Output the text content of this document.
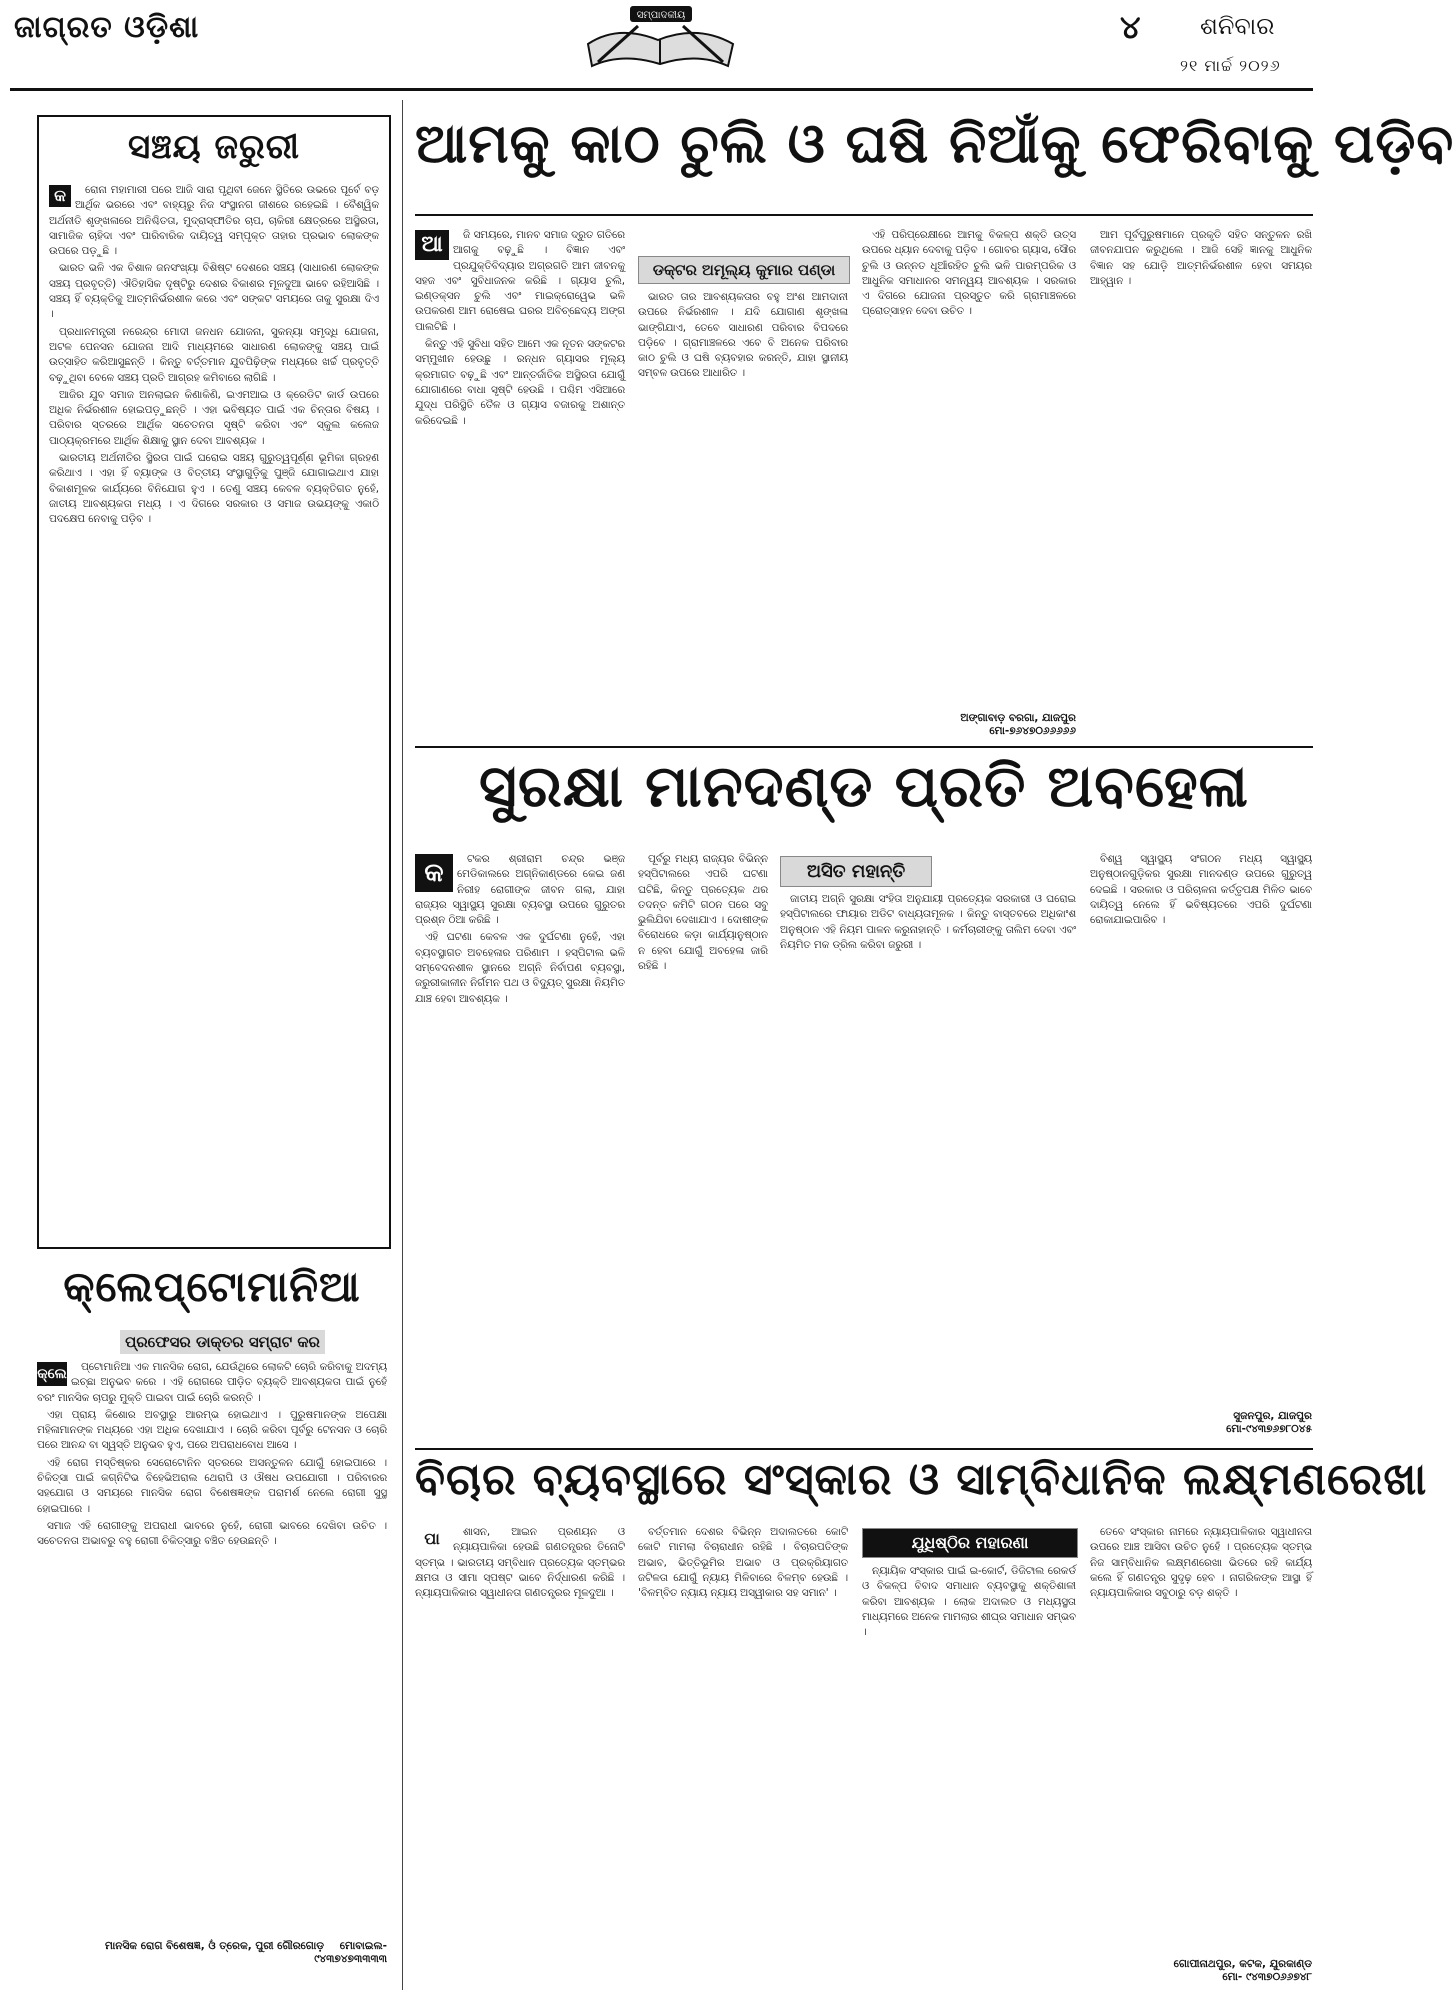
ଜାଗ୍ରତ ଓଡ଼ିଶା	ସମ୍ପାଦକୀୟ	୪ ଶନିବାର
୨୧ ମାର୍ଚ୍ଚ ୨୦୨୬
ସଞ୍ଚୟ ଜରୁରୀ
କ	ରୋନା ମହାମାରୀ ପରେ ଆଜି ସାରା ପୃଥିବୀ ଜେନେ ସ୍ଥିତିରେ ଉଭରେ ପୂର୍ବେ ବଡ଼ ଆର୍ଥିକ ଭରରେ ଏବଂ ବାହ୍ୟରୁ ନିଜ ସଂସ୍ଥାନଗ ଜୀଶରେ ରହେଇଛି । ବୈଶ୍ୱିକ ଅର୍ଥନୀତି ଶୃଙ୍ଖଳାରେ ଅନିଶ୍ଚିତତା, ମୁଦ୍ରାସ୍ଫୀତିର ଚାପ, ଚାକିରୀ କ୍ଷେତ୍ରରେ ଅସ୍ଥିରତା, ସାମାଜିକ ଚାହିଦା ଏବଂ ପାରିବାରିକ ଦାୟିତ୍ୱ ସମ୍ପୃକ୍ତ ତାହାର ପ୍ରଭାବ ଲୋକଙ୍କ ଉପରେ ପଡ଼ୁଛି ।

ଭାରତ ଭଳି ଏକ ବିଶାଳ ଜନସଂଖ୍ୟା ବିଶିଷ୍ଟ ଦେଶରେ ସଞ୍ଚୟ (ସାଧାରଣ ଲୋକଙ୍କ ସଞ୍ଚୟ ପ୍ରବୃତ୍ତି) ଐତିହାସିକ ଦୃଷ୍ଟିରୁ ଦେଶର ବିକାଶର ମୂଳଦୁଆ ଭାବେ ରହିଆସିଛି । ସଞ୍ଚୟ ହିଁ ବ୍ୟକ୍ତିକୁ ଆତ୍ମନିର୍ଭରଶୀଳ କରେ ଏବଂ ସଙ୍କଟ ସମୟରେ ତାକୁ ସୁରକ୍ଷା ଦିଏ ।

ପ୍ରଧାନମନ୍ତ୍ରୀ ନରେନ୍ଦ୍ର ମୋଦୀ ଜନଧନ ଯୋଜନା, ସୁକନ୍ୟା ସମୃଦ୍ଧି ଯୋଜନା, ଅଟଳ ପେନସନ ଯୋଜନା ଆଦି ମାଧ୍ୟମରେ ସାଧାରଣ ଲୋକଙ୍କୁ ସଞ୍ଚୟ ପାଇଁ ଉତ୍ସାହିତ କରିଆସୁଛନ୍ତି । କିନ୍ତୁ ବର୍ତ୍ତମାନ ଯୁବପିଢ଼ିଙ୍କ ମଧ୍ୟରେ ଖର୍ଚ୍ଚ ପ୍ରବୃତ୍ତି ବଢ଼ୁଥିବା ବେଳେ ସଞ୍ଚୟ ପ୍ରତି ଆଗ୍ରହ କମିବାରେ ଲାଗିଛି ।

ଆଜିର ଯୁବ ସମାଜ ଅନଲାଇନ କିଣାକିଣି, ଇଏମଆଇ ଓ କ୍ରେଡିଟ କାର୍ଡ ଉପରେ ଅଧିକ ନିର୍ଭରଶୀଳ ହୋଇପଡ଼ୁଛନ୍ତି । ଏହା ଭବିଷ୍ୟତ ପାଇଁ ଏକ ଚିନ୍ତାର ବିଷୟ । ପରିବାର ସ୍ତରରେ ଆର୍ଥିକ ସଚେତନତା ସୃଷ୍ଟି କରିବା ଏବଂ ସ୍କୁଲ କଲେଜ ପାଠ୍ୟକ୍ରମରେ ଆର୍ଥିକ ଶିକ୍ଷାକୁ ସ୍ଥାନ ଦେବା ଆବଶ୍ୟକ ।

ଭାରତୀୟ ଅର୍ଥନୀତିର ସ୍ଥିରତା ପାଇଁ ଘରୋଇ ସଞ୍ଚୟ ଗୁରୁତ୍ୱପୂର୍ଣ୍ଣ ଭୂମିକା ଗ୍ରହଣ କରିଥାଏ । ଏହା ହିଁ ବ୍ୟାଙ୍କ ଓ ବିତ୍ତୀୟ ସଂସ୍ଥାଗୁଡ଼ିକୁ ପୁଞ୍ଜି ଯୋଗାଇଥାଏ ଯାହା ବିକାଶମୂଳକ କାର୍ଯ୍ୟରେ ବିନିଯୋଗ ହୁଏ । ତେଣୁ ସଞ୍ଚୟ କେବଳ ବ୍ୟକ୍ତିଗତ ନୁହେଁ, ଜାତୀୟ ଆବଶ୍ୟକତା ମଧ୍ୟ । ଏ ଦିଗରେ ସରକାର ଓ ସମାଜ ଉଭୟଙ୍କୁ ଏକାଠି ପଦକ୍ଷେପ ନେବାକୁ ପଡ଼ିବ ।

କ୍ଲେପ୍ଟୋମାନିଆ
ପ୍ରଫେସର ଡାକ୍ତର ସମ୍ରାଟ କର
କ୍ଲେ	ପ୍ଟୋମାନିଆ ଏକ ମାନସିକ ରୋଗ, ଯେଉଁଥିରେ ଲୋକଟି ଚୋରି କରିବାକୁ ଅଦମ୍ୟ ଇଚ୍ଛା ଅନୁଭବ କରେ । ଏହି ରୋଗରେ ପୀଡ଼ିତ ବ୍ୟକ୍ତି ଆବଶ୍ୟକତା ପାଇଁ ନୁହେଁ ବରଂ ମାନସିକ ଚାପରୁ ମୁକ୍ତି ପାଇବା ପାଇଁ ଚୋରି କରନ୍ତି ।

ଏହା ପ୍ରାୟ କିଶୋର ଅବସ୍ଥାରୁ ଆରମ୍ଭ ହୋଇଥାଏ । ପୁରୁଷମାନଙ୍କ ଅପେକ୍ଷା ମହିଳାମାନଙ୍କ ମଧ୍ୟରେ ଏହା ଅଧିକ ଦେଖାଯାଏ । ଚୋରି କରିବା ପୂର୍ବରୁ ଟେନସନ ଓ ଚୋରି ପରେ ଆନନ୍ଦ ବା ସ୍ୱସ୍ତି ଅନୁଭବ ହୁଏ, ପରେ ଅପରାଧବୋଧ ଆସେ ।

ଏହି ରୋଗ ମସ୍ତିଷ୍କର ସେରୋଟୋନିନ ସ୍ତରରେ ଅସନ୍ତୁଳନ ଯୋଗୁଁ ହୋଇପାରେ । ଚିକିତ୍ସା ପାଇଁ କଗ୍ନିଟିଭ ବିହେଭିଅରାଲ ଥେରାପି ଓ ଔଷଧ ଉପଯୋଗୀ । ପରିବାରର ସହଯୋଗ ଓ ସମୟରେ ମାନସିକ ରୋଗ ବିଶେଷଜ୍ଞଙ୍କ ପରାମର୍ଶ ନେଲେ ରୋଗୀ ସୁସ୍ଥ ହୋଇପାରେ ।

ସମାଜ ଏହି ରୋଗୀଙ୍କୁ ଅପରାଧୀ ଭାବରେ ନୁହେଁ, ରୋଗୀ ଭାବରେ ଦେଖିବା ଉଚିତ । ସଚେତନତା ଅଭାବରୁ ବହୁ ରୋଗୀ ଚିକିତ୍ସାରୁ ବଞ୍ଚିତ ହେଉଛନ୍ତି ।

ମାନସିକ ରୋଗ ବିଶେଷଜ୍ଞ, ଓଁ ତ୍ରେକ, ପୁରୀ ଗୌରଗୋଡ଼ ମୋବାଇଲ- ୯୪୩୭୪୭୩୩୩୩
ଆମକୁ କାଠ ଚୁଲି ଓ ଘଷି ନିଆଁକୁ ଫେରିବାକୁ ପଡ଼ିବ
ଆ	ଜି ସମୟରେ, ମାନବ ସମାଜ ଦ୍ରୁତ ଗତିରେ ଆଗକୁ ବଢ଼ୁଛି । ବିଜ୍ଞାନ ଏବଂ ପ୍ରଯୁକ୍ତିବିଦ୍ୟାର ଅଗ୍ରଗତି ଆମ ଜୀବନକୁ ସହଜ ଏବଂ ସୁବିଧାଜନକ କରିଛି । ଗ୍ୟାସ ଚୁଲି, ଇଣ୍ଡକ୍ସନ ଚୁଲି ଏବଂ ମାଇକ୍ରୋୱେଭ ଭଳି ଉପକରଣ ଆମ ରୋଷେଇ ଘରର ଅବିଚ୍ଛେଦ୍ୟ ଅଙ୍ଗ ପାଲଟିଛି ।

କିନ୍ତୁ ଏହି ସୁବିଧା ସହିତ ଆମେ ଏକ ନୂତନ ସଙ୍କଟର ସମ୍ମୁଖୀନ ହେଉଛୁ । ରନ୍ଧନ ଗ୍ୟାସର ମୂଲ୍ୟ କ୍ରମାଗତ ବଢ଼ୁଛି ଏବଂ ଆନ୍ତର୍ଜାତିକ ଅସ୍ଥିରତା ଯୋଗୁଁ ଯୋଗାଣରେ ବାଧା ସୃଷ୍ଟି ହେଉଛି । ପଶ୍ଚିମ ଏସିଆରେ ଯୁଦ୍ଧ ପରିସ୍ଥିତି ତୈଳ ଓ ଗ୍ୟାସ ବଜାରକୁ ଅଶାନ୍ତ କରିଦେଇଛି ।

ଡକ୍ଟର ଅମୂଲ୍ୟ କୁମାର ପଣ୍ଡା

ଭାରତ ତାର ଆବଶ୍ୟକତାର ବହୁ ଅଂଶ ଆମଦାନୀ ଉପରେ ନିର୍ଭରଶୀଳ । ଯଦି ଯୋଗାଣ ଶୃଙ୍ଖଳା ଭାଙ୍ଗିଯାଏ, ତେବେ ସାଧାରଣ ପରିବାର ବିପଦରେ ପଡ଼ିବେ । ଗ୍ରାମାଞ୍ଚଳରେ ଏବେ ବି ଅନେକ ପରିବାର କାଠ ଚୁଲି ଓ ଘଷି ବ୍ୟବହାର କରନ୍ତି, ଯାହା ସ୍ଥାନୀୟ ସମ୍ବଳ ଉପରେ ଆଧାରିତ ।

ଏହି ପରିପ୍ରେକ୍ଷୀରେ ଆମକୁ ବିକଳ୍ପ ଶକ୍ତି ଉତ୍ସ ଉପରେ ଧ୍ୟାନ ଦେବାକୁ ପଡ଼ିବ । ଗୋବର ଗ୍ୟାସ, ସୌର ଚୁଲି ଓ ଉନ୍ନତ ଧୂଆଁରହିତ ଚୁଲି ଭଳି ପାରମ୍ପରିକ ଓ ଆଧୁନିକ ସମାଧାନର ସମନ୍ୱୟ ଆବଶ୍ୟକ । ସରକାର ଏ ଦିଗରେ ଯୋଜନା ପ୍ରସ୍ତୁତ କରି ଗ୍ରାମାଞ୍ଚଳରେ ପ୍ରୋତ୍ସାହନ ଦେବା ଉଚିତ ।

ଅଙ୍ଗାବାଡ଼ ବରଗା, ଯାଜପୁର
ମୋ-୭୬୪୭୦୬୬୬୬୬

ଆମ ପୂର୍ବପୁରୁଷମାନେ ପ୍ରକୃତି ସହିତ ସନ୍ତୁଳନ ରଖି ଜୀବନଯାପନ କରୁଥିଲେ । ଆଜି ସେହି ଜ୍ଞାନକୁ ଆଧୁନିକ ବିଜ୍ଞାନ ସହ ଯୋଡ଼ି ଆତ୍ମନିର୍ଭରଶୀଳ ହେବା ସମୟର ଆହ୍ୱାନ ।

ସୁରକ୍ଷା ମାନଦଣ୍ଡ ପ୍ରତି ଅବହେଳା
କ	ଟକର ଶ୍ରୀରାମ ଚନ୍ଦ୍ର ଭଞ୍ଜ ମେଡିକାଲରେ ଅଗ୍ନିକାଣ୍ଡରେ କେଇ ଜଣ ନିରୀହ ରୋଗୀଙ୍କ ଜୀବନ ଗଲା, ଯାହା ରାଜ୍ୟର ସ୍ୱାସ୍ଥ୍ୟ ସୁରକ୍ଷା ବ୍ୟବସ୍ଥା ଉପରେ ଗୁରୁତର ପ୍ରଶ୍ନ ଠିଆ କରିଛି ।

ଏହି ଘଟଣା କେବଳ ଏକ ଦୁର୍ଘଟଣା ନୁହେଁ, ଏହା ବ୍ୟବସ୍ଥାଗତ ଅବହେଳାର ପରିଣାମ । ହସ୍ପିଟାଲ ଭଳି ସମ୍ବେଦନଶୀଳ ସ୍ଥାନରେ ଅଗ୍ନି ନିର୍ବାପଣ ବ୍ୟବସ୍ଥା, ଜରୁରୀକାଳୀନ ନିର୍ଗମନ ପଥ ଓ ବିଦ୍ୟୁତ୍ ସୁରକ୍ଷା ନିୟମିତ ଯାଞ୍ଚ ହେବା ଆବଶ୍ୟକ ।

ଅସିତ ମହାନ୍ତି

ପୂର୍ବରୁ ମଧ୍ୟ ରାଜ୍ୟର ବିଭିନ୍ନ ହସ୍ପିଟାଲରେ ଏପରି ଘଟଣା ଘଟିଛି, କିନ୍ତୁ ପ୍ରତ୍ୟେକ ଥର ତଦନ୍ତ କମିଟି ଗଠନ ପରେ ସବୁ ଭୁଲିଯିବା ଦେଖାଯାଏ । ଦୋଷୀଙ୍କ ବିରୋଧରେ କଡ଼ା କାର୍ଯ୍ୟାନୁଷ୍ଠାନ ନ ହେବା ଯୋଗୁଁ ଅବହେଳା ଜାରି ରହିଛି ।

ଜାତୀୟ ଅଗ୍ନି ସୁରକ୍ଷା ସଂହିତା ଅନୁଯାୟୀ ପ୍ରତ୍ୟେକ ସରକାରୀ ଓ ଘରୋଇ ହସ୍ପିଟାଲରେ ଫାୟାର ଅଡିଟ ବାଧ୍ୟତାମୂଳକ । କିନ୍ତୁ ବାସ୍ତବରେ ଅଧିକାଂଶ ଅନୁଷ୍ଠାନ ଏହି ନିୟମ ପାଳନ କରୁନାହାନ୍ତି । କର୍ମଚାରୀଙ୍କୁ ତାଲିମ ଦେବା ଏବଂ ନିୟମିତ ମକ ଡ୍ରିଲ କରିବା ଜରୁରୀ ।

ବିଶ୍ୱ ସ୍ୱାସ୍ଥ୍ୟ ସଂଗଠନ ମଧ୍ୟ ସ୍ୱାସ୍ଥ୍ୟ ଅନୁଷ୍ଠାନଗୁଡ଼ିକର ସୁରକ୍ଷା ମାନଦଣ୍ଡ ଉପରେ ଗୁରୁତ୍ୱ ଦେଇଛି । ସରକାର ଓ ପରିଚାଳନା କର୍ତ୍ତୃପକ୍ଷ ମିଳିତ ଭାବେ ଦାୟିତ୍ୱ ନେଲେ ହିଁ ଭବିଷ୍ୟତରେ ଏପରି ଦୁର୍ଘଟଣା ରୋକାଯାଇପାରିବ ।

ସୁଜନପୁର, ଯାଜପୁର
ମୋ-୯୪୩୭୬୭୮୦୪୫
ବିଚାର ବ୍ୟବସ୍ଥାରେ ସଂସ୍କାର ଓ ସାମ୍ବିଧାନିକ ଲକ୍ଷ୍ମଣରେଖା
ପା	ଶାସନ, ଆଇନ ପ୍ରଣୟନ ଓ ନ୍ୟାୟପାଳିକା ହେଉଛି ଗଣତନ୍ତ୍ରର ତିନୋଟି ସ୍ତମ୍ଭ । ଭାରତୀୟ ସମ୍ବିଧାନ ପ୍ରତ୍ୟେକ ସ୍ତମ୍ଭର କ୍ଷମତା ଓ ସୀମା ସ୍ପଷ୍ଟ ଭାବେ ନିର୍ଦ୍ଧାରଣ କରିଛି । ନ୍ୟାୟପାଳିକାର ସ୍ୱାଧୀନତା ଗଣତନ୍ତ୍ରର ମୂଳଦୁଆ ।

ବର୍ତ୍ତମାନ ଦେଶର ବିଭିନ୍ନ ଅଦାଲତରେ କୋଟି କୋଟି ମାମଲା ବିଚାରାଧୀନ ରହିଛି । ବିଚାରପତିଙ୍କ ଅଭାବ, ଭିତ୍ତିଭୂମିର ଅଭାବ ଓ ପ୍ରକ୍ରିୟାଗତ ଜଟିଳତା ଯୋଗୁଁ ନ୍ୟାୟ ମିଳିବାରେ ବିଳମ୍ବ ହେଉଛି । 'ବିଳମ୍ବିତ ନ୍ୟାୟ ନ୍ୟାୟ ଅସ୍ୱୀକାର ସହ ସମାନ' ।

ଯୁଧିଷ୍ଠିର ମହାରଣା

ନ୍ୟାୟିକ ସଂସ୍କାର ପାଇଁ ଇ-କୋର୍ଟ, ଡିଜିଟାଲ ରେକର୍ଡ ଓ ବିକଳ୍ପ ବିବାଦ ସମାଧାନ ବ୍ୟବସ୍ଥାକୁ ଶକ୍ତିଶାଳୀ କରିବା ଆବଶ୍ୟକ । ଲୋକ ଅଦାଲତ ଓ ମଧ୍ୟସ୍ଥତା ମାଧ୍ୟମରେ ଅନେକ ମାମଲାର ଶୀଘ୍ର ସମାଧାନ ସମ୍ଭବ ।

ତେବେ ସଂସ୍କାର ନାମରେ ନ୍ୟାୟପାଳିକାର ସ୍ୱାଧୀନତା ଉପରେ ଆଞ୍ଚ ଆସିବା ଉଚିତ ନୁହେଁ । ପ୍ରତ୍ୟେକ ସ୍ତମ୍ଭ ନିଜ ସାମ୍ବିଧାନିକ ଲକ୍ଷ୍ମଣରେଖା ଭିତରେ ରହି କାର୍ଯ୍ୟ କଲେ ହିଁ ଗଣତନ୍ତ୍ର ସୁଦୃଢ଼ ହେବ । ନାଗରିକଙ୍କ ଆସ୍ଥା ହିଁ ନ୍ୟାୟପାଳିକାର ସବୁଠାରୁ ବଡ଼ ଶକ୍ତି ।

ଗୋପୀନାଥପୁର, କଟକ, ଯୁରକାଣ୍ଡ
ମୋ- ୯୪୩୭୦୬୬୭୪୮
